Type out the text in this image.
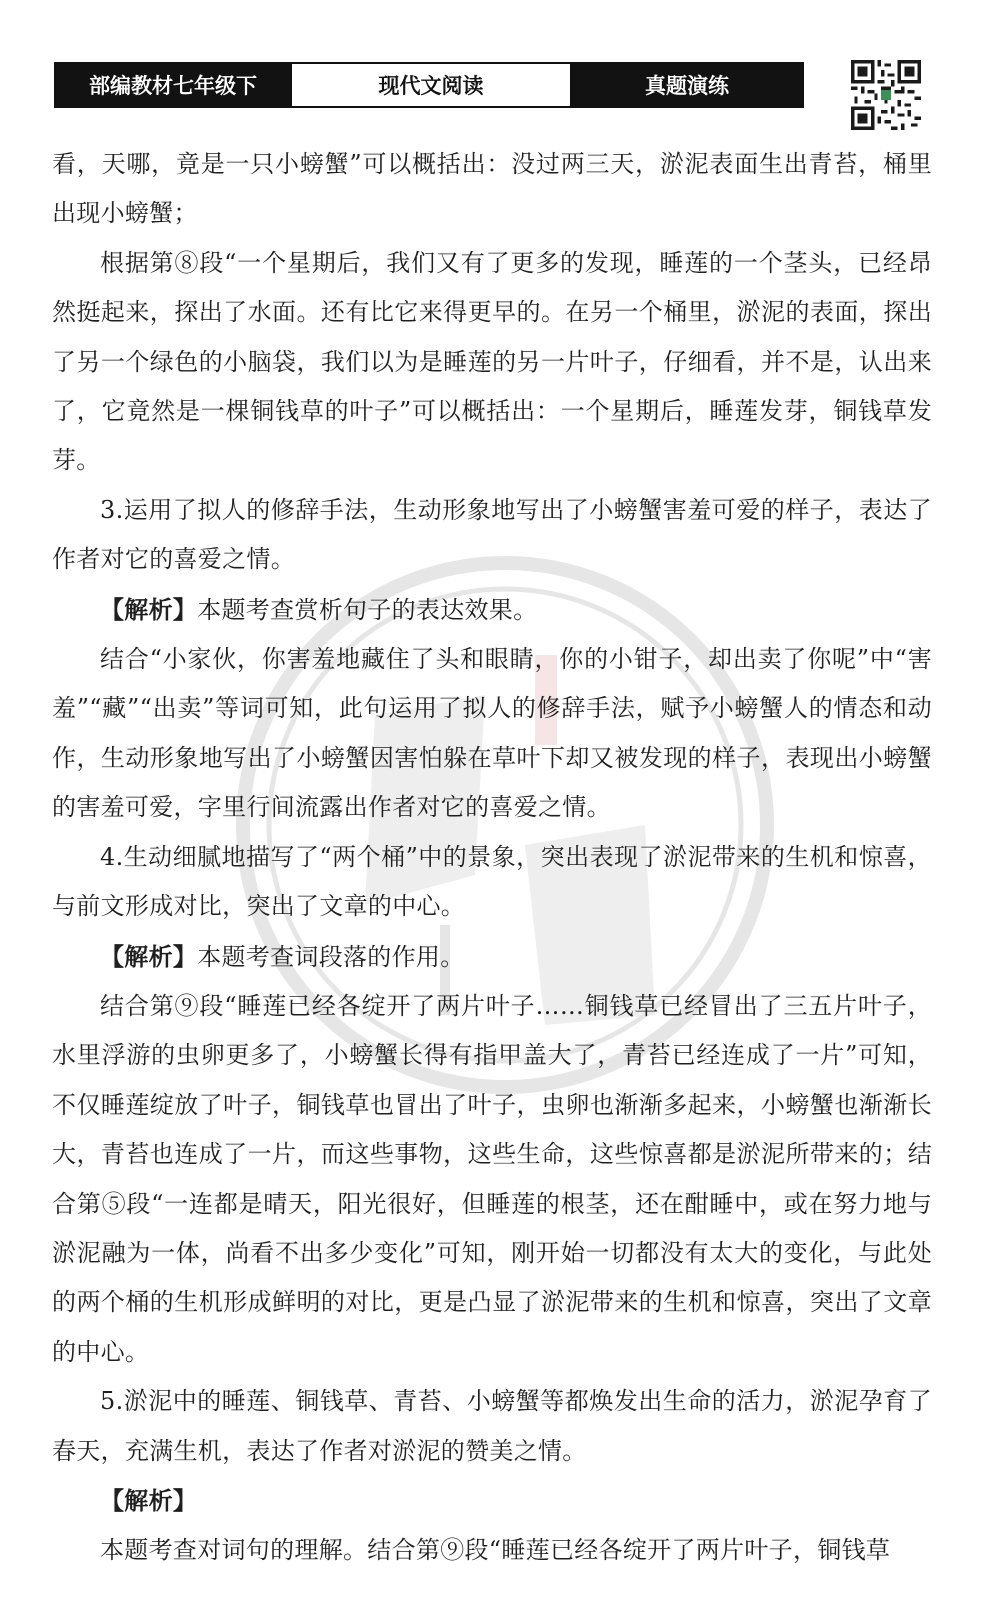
部编教材七年级下	现代文阅读	真题演练

看，天哪，竟是一只小螃蟹”可以概括出：没过两三天，淤泥表面生出青苔，桶里出现小螃蟹；

根据第⑧段“一个星期后，我们又有了更多的发现，睡莲的一个茎头，已经昂然挺起来，探出了水面。还有比它来得更早的。在另一个桶里，淤泥的表面，探出了另一个绿色的小脑袋，我们以为是睡莲的另一片叶子，仔细看，并不是，认出来了，它竟然是一棵铜钱草的叶子”可以概括出：一个星期后，睡莲发芽，铜钱草发芽。

3.运用了拟人的修辞手法，生动形象地写出了小螃蟹害羞可爱的样子，表达了作者对它的喜爱之情。

【解析】本题考查赏析句子的表达效果。

结合“小家伙，你害羞地藏住了头和眼睛，你的小钳子，却出卖了你呢”中“害羞”“藏”“出卖”等词可知，此句运用了拟人的修辞手法，赋予小螃蟹人的情态和动作，生动形象地写出了小螃蟹因害怕躲在草叶下却又被发现的样子，表现出小螃蟹的害羞可爱，字里行间流露出作者对它的喜爱之情。

4.生动细腻地描写了“两个桶”中的景象，突出表现了淤泥带来的生机和惊喜，与前文形成对比，突出了文章的中心。

【解析】本题考查词段落的作用。

结合第⑨段“睡莲已经各绽开了两片叶子……铜钱草已经冒出了三五片叶子，水里浮游的虫卵更多了，小螃蟹长得有指甲盖大了，青苔已经连成了一片”可知，不仅睡莲绽放了叶子，铜钱草也冒出了叶子，虫卵也渐渐多起来，小螃蟹也渐渐长大，青苔也连成了一片，而这些事物，这些生命，这些惊喜都是淤泥所带来的；结合第⑤段“一连都是晴天，阳光很好，但睡莲的根茎，还在酣睡中，或在努力地与淤泥融为一体，尚看不出多少变化”可知，刚开始一切都没有太大的变化，与此处的两个桶的生机形成鲜明的对比，更是凸显了淤泥带来的生机和惊喜，突出了文章的中心。

5.淤泥中的睡莲、铜钱草、青苔、小螃蟹等都焕发出生命的活力，淤泥孕育了春天，充满生机，表达了作者对淤泥的赞美之情。

【解析】

本题考查对词句的理解。结合第⑨段“睡莲已经各绽开了两片叶子，铜钱草
